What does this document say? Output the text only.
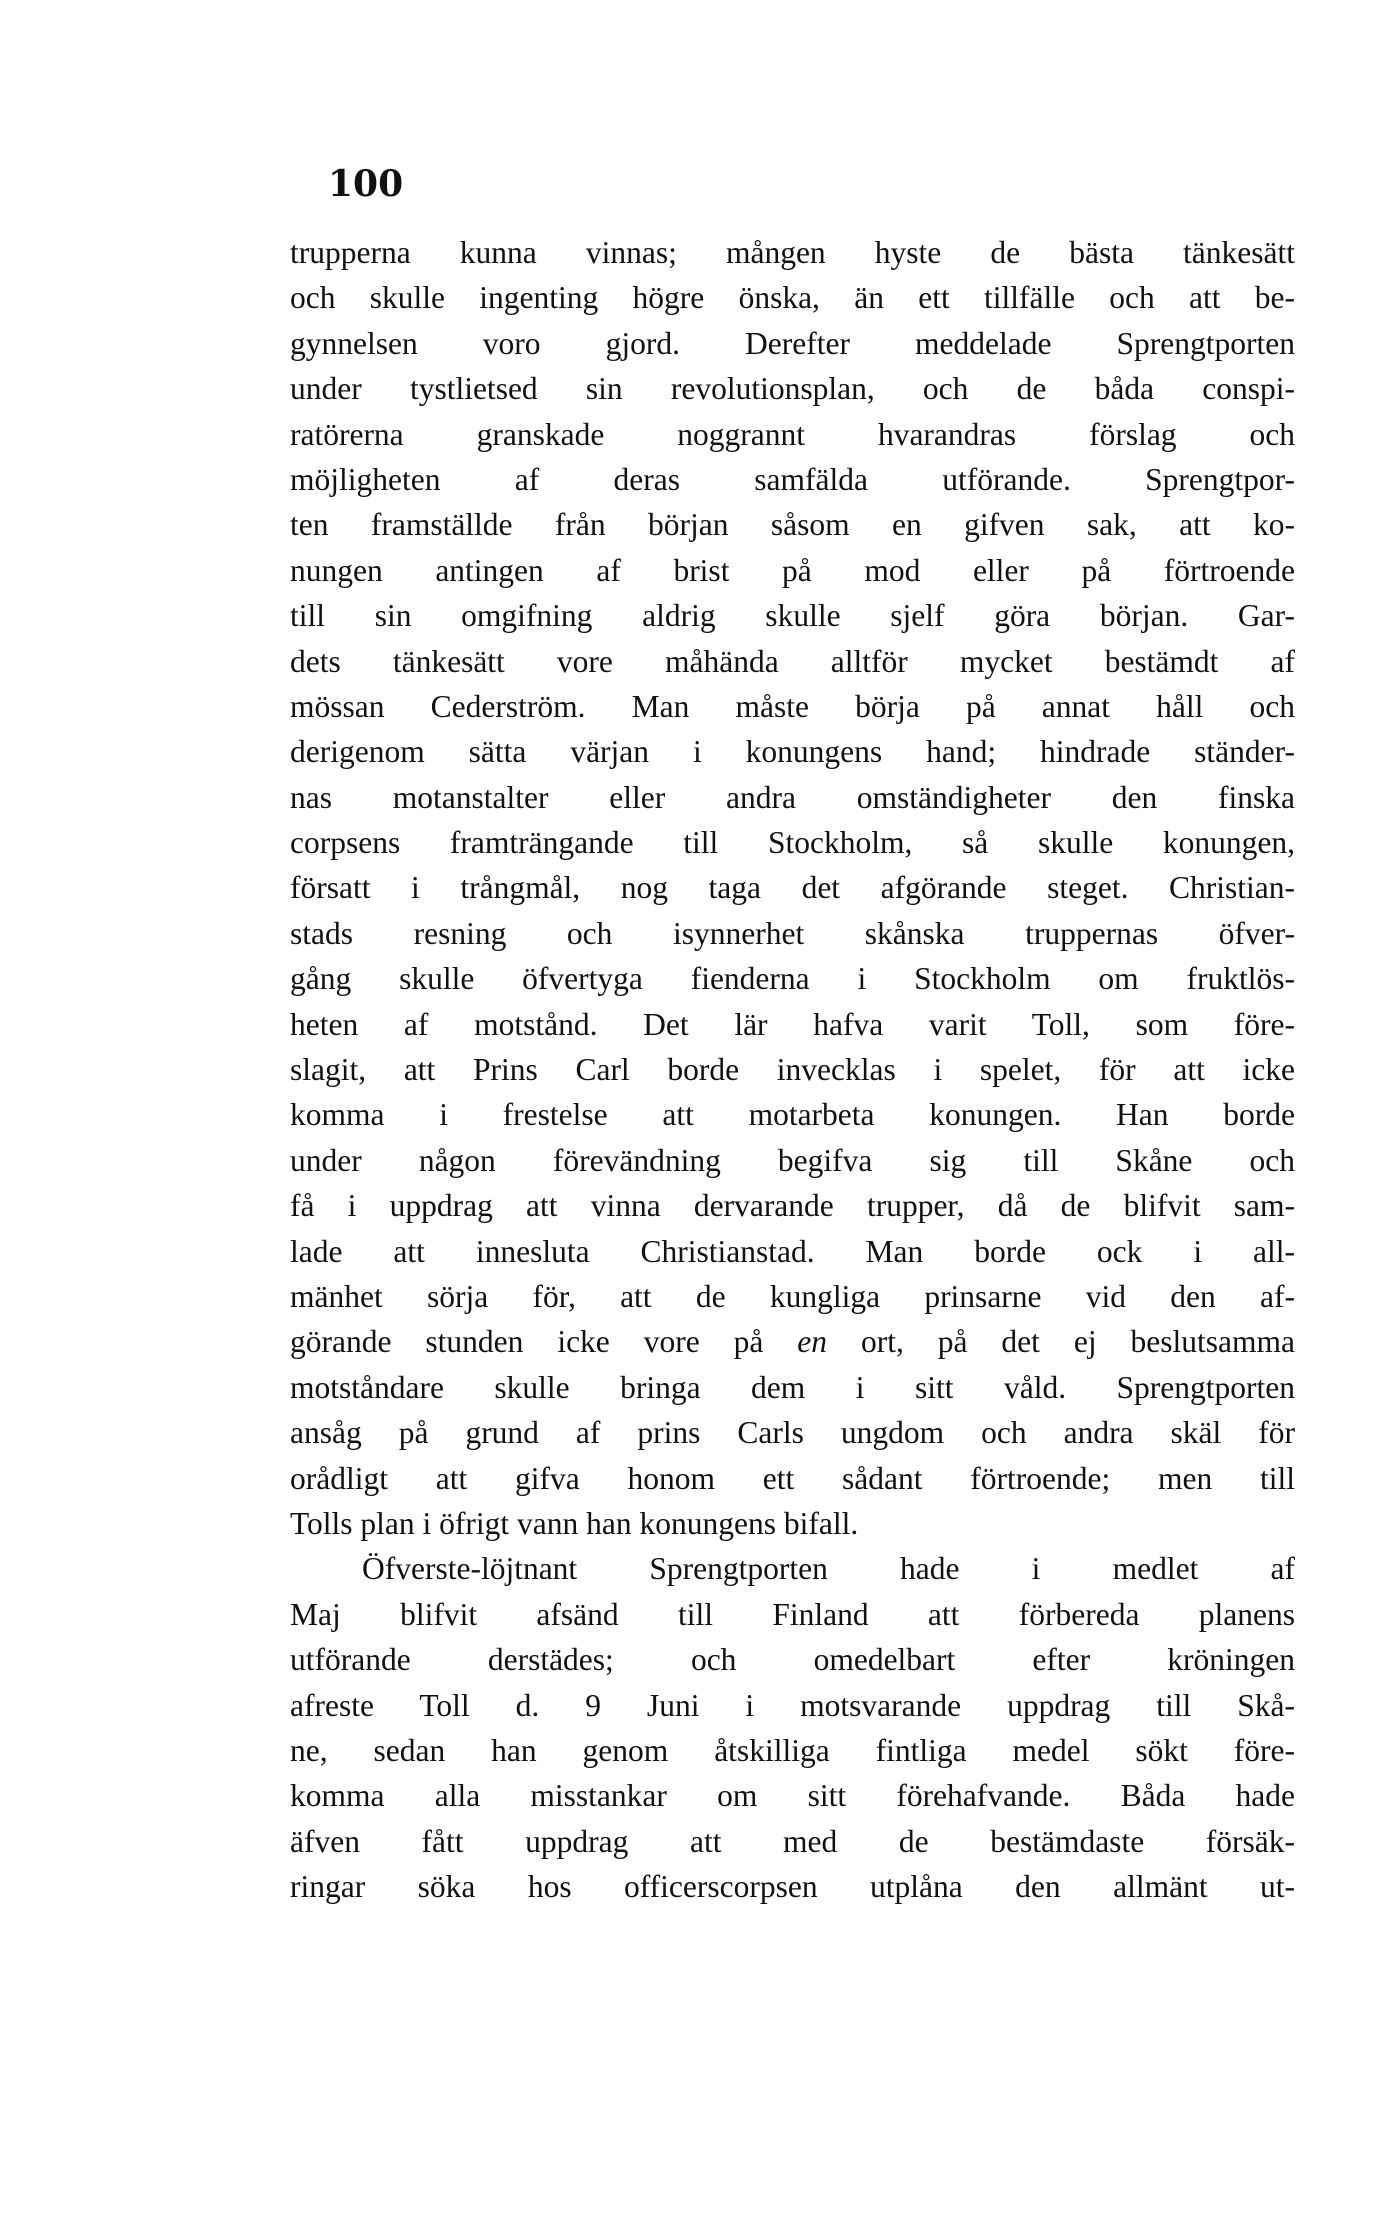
100
trupperna kunna vinnas; mången hyste de bästa tänkesätt
och skulle ingenting högre önska, än ett tillfälle och att be-
gynnelsen voro gjord. Derefter meddelade Sprengtporten
under tystlietsed sin revolutionsplan, och de båda conspi-
ratörerna granskade noggrannt hvarandras förslag och
möjligheten af deras samfälda utförande. Sprengtpor-
ten framställde från början såsom en gifven sak, att ko-
nungen antingen af brist på mod eller på förtroende
till sin omgifning aldrig skulle sjelf göra början. Gar-
dets tänkesätt vore måhända alltför mycket bestämdt af
mössan Cederström. Man måste börja på annat håll och
derigenom sätta värjan i konungens hand; hindrade ständer-
nas motanstalter eller andra omständigheter den finska
corpsens framträngande till Stockholm, så skulle konungen,
försatt i trångmål, nog taga det afgörande steget. Christian-
stads resning och isynnerhet skånska truppernas öfver-
gång skulle öfvertyga fienderna i Stockholm om fruktlös-
heten af motstånd. Det lär hafva varit Toll, som före-
slagit, att Prins Carl borde invecklas i spelet, för att icke
komma i frestelse att motarbeta konungen. Han borde
under någon förevändning begifva sig till Skåne och
få i uppdrag att vinna dervarande trupper, då de blifvit sam-
lade att innesluta Christianstad. Man borde ock i all-
mänhet sörja för, att de kungliga prinsarne vid den af-
görande stunden icke vore på en ort, på det ej beslutsamma
motståndare skulle bringa dem i sitt våld. Sprengtporten
ansåg på grund af prins Carls ungdom och andra skäl för
orådligt att gifva honom ett sådant förtroende; men till
Tolls plan i öfrigt vann han konungens bifall.
Öfverste-löjtnant Sprengtporten hade i medlet af
Maj blifvit afsänd till Finland att förbereda planens
utförande derstädes; och omedelbart efter kröningen
afreste Toll d. 9 Juni i motsvarande uppdrag till Skå-
ne, sedan han genom åtskilliga fintliga medel sökt före-
komma alla misstankar om sitt förehafvande. Båda hade
äfven fått uppdrag att med de bestämdaste försäk-
ringar söka hos officerscorpsen utplåna den allmänt ut-
